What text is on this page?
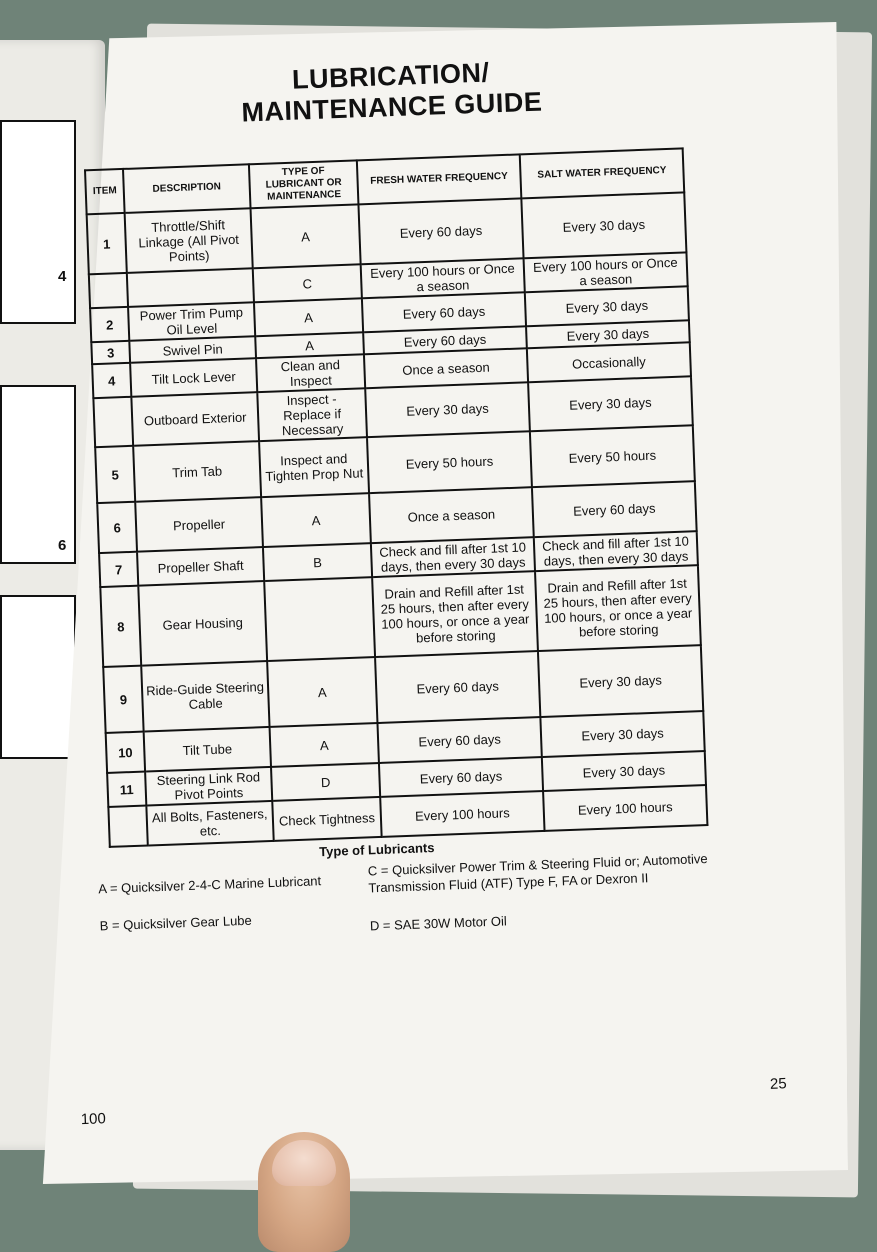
4
6
LUBRICATION/
MAINTENANCE GUIDE
ITEM	DESCRIPTION	TYPE OF LUBRICANT OR MAINTENANCE	FRESH WATER FREQUENCY	SALT WATER FREQUENCY
1	Throttle/Shift Linkage (All Pivot Points)	A	Every 60 days	Every 30 days
		C	Every 100 hours or Once a season	Every 100 hours or Once a season
2	Power Trim Pump Oil Level	A	Every 60 days	Every 30 days
3	Swivel Pin	A	Every 60 days	Every 30 days
4	Tilt Lock Lever	Clean and Inspect	Once a season	Occasionally
	Outboard Exterior	Inspect - Replace if Necessary	Every 30 days	Every 30 days
5	Trim Tab	Inspect and Tighten Prop Nut	Every 50 hours	Every 50 hours
6	Propeller	A	Once a season	Every 60 days
7	Propeller Shaft	B	Check and fill after 1st 10 days, then every 30 days	Check and fill after 1st 10 days, then every 30 days
8	Gear Housing		Drain and Refill after 1st 25 hours, then after every 100 hours, or once a year before storing	Drain and Refill after 1st 25 hours, then after every 100 hours, or once a year before storing
9	Ride-Guide Steering Cable	A	Every 60 days	Every 30 days
10	Tilt Tube	A	Every 60 days	Every 30 days
11	Steering Link Rod Pivot Points	D	Every 60 days	Every 30 days
	All Bolts, Fasteners, etc.	Check Tightness	Every 100 hours	Every 100 hours
Type of Lubricants
A = Quicksilver 2-4-C Marine Lubricant
B = Quicksilver Gear Lube
C = Quicksilver Power Trim & Steering Fluid or; Automotive Transmission Fluid (ATF) Type F, FA or Dexron II
D = SAE 30W Motor Oil
100
25
